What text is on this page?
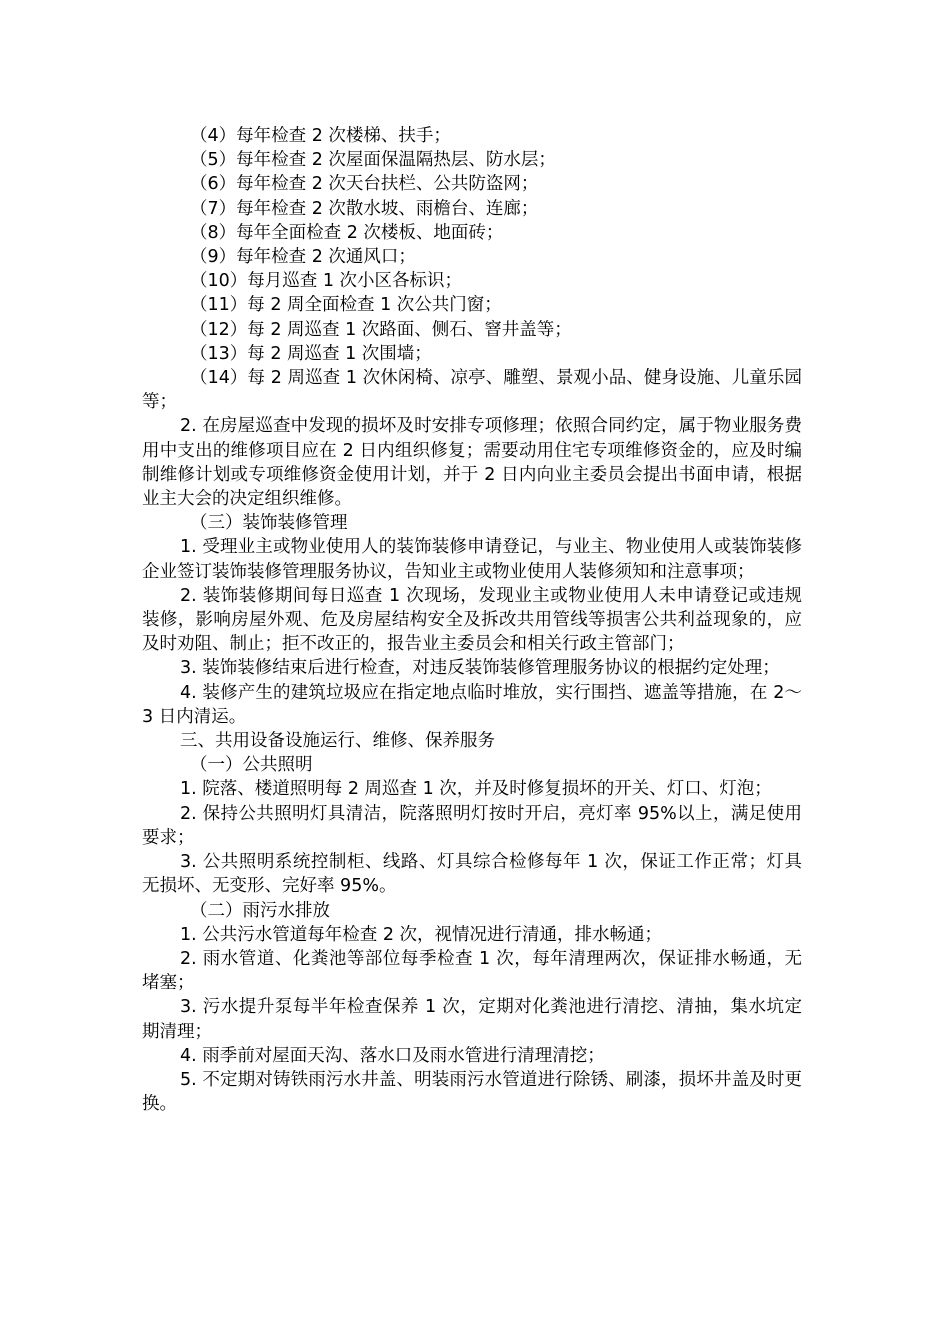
（4）每年检查 2 次楼梯、扶手；

（5）每年检查 2 次屋面保温隔热层、防水层；

（6）每年检查 2 次天台扶栏、公共防盗网；

（7）每年检查 2 次散水坡、雨檐台、连廊；

（8）每年全面检查 2 次楼板、地面砖；

（9）每年检查 2 次通风口；

（10）每月巡查 1 次小区各标识；

（11）每 2 周全面检查 1 次公共门窗；

（12）每 2 周巡查 1 次路面、侧石、窨井盖等；

（13）每 2 周巡查 1 次围墙；

（14）每 2 周巡查 1 次休闲椅、凉亭、雕塑、景观小品、健身设施、儿童乐园等；

2. 在房屋巡查中发现的损坏及时安排专项修理；依照合同约定，属于物业服务费用中支出的维修项目应在 2 日内组织修复；需要动用住宅专项维修资金的，应及时编制维修计划或专项维修资金使用计划，并于 2 日内向业主委员会提出书面申请，根据业主大会的决定组织维修。

（三）装饰装修管理

1. 受理业主或物业使用人的装饰装修申请登记，与业主、物业使用人或装饰装修企业签订装饰装修管理服务协议，告知业主或物业使用人装修须知和注意事项；

2. 装饰装修期间每日巡查 1 次现场，发现业主或物业使用人未申请登记或违规装修，影响房屋外观、危及房屋结构安全及拆改共用管线等损害公共利益现象的，应及时劝阻、制止；拒不改正的，报告业主委员会和相关行政主管部门；

3. 装饰装修结束后进行检查，对违反装饰装修管理服务协议的根据约定处理；

4. 装修产生的建筑垃圾应在指定地点临时堆放，实行围挡、遮盖等措施，在 2～3 日内清运。

三、共用设备设施运行、维修、保养服务

（一）公共照明

1. 院落、楼道照明每 2 周巡查 1 次，并及时修复损坏的开关、灯口、灯泡；

2. 保持公共照明灯具清洁，院落照明灯按时开启，亮灯率 95%以上，满足使用要求；

3. 公共照明系统控制柜、线路、灯具综合检修每年 1 次，保证工作正常；灯具无损坏、无变形、完好率 95%。

（二）雨污水排放

1. 公共污水管道每年检查 2 次，视情况进行清通，排水畅通；

2. 雨水管道、化粪池等部位每季检查 1 次，每年清理两次，保证排水畅通，无堵塞；

3. 污水提升泵每半年检查保养 1 次，定期对化粪池进行清挖、清抽，集水坑定期清理；

4. 雨季前对屋面天沟、落水口及雨水管进行清理清挖；

5. 不定期对铸铁雨污水井盖、明装雨污水管道进行除锈、刷漆，损坏井盖及时更换。
